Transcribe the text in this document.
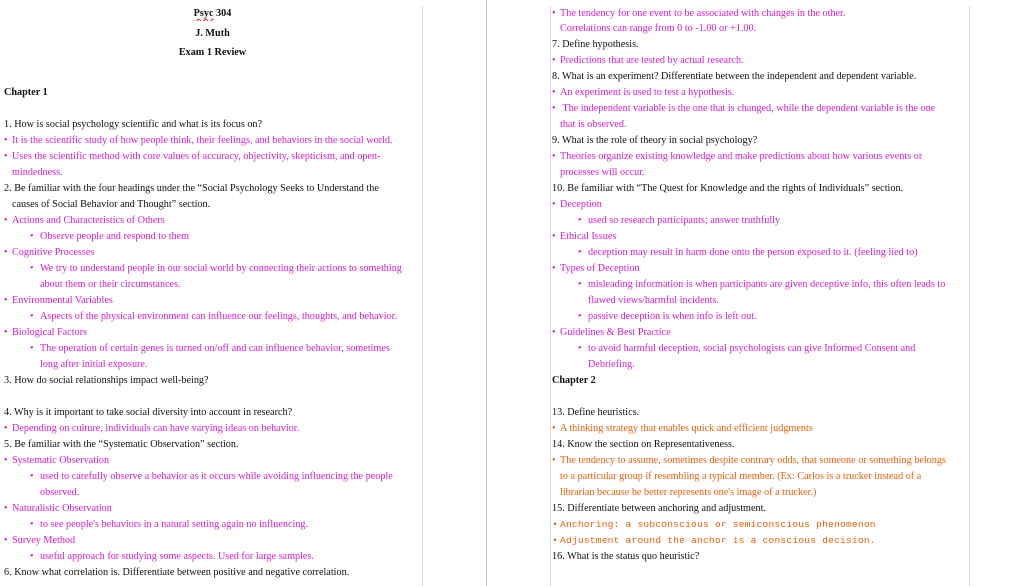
Psyc 304
J. Muth
Exam 1 Review
Chapter 1
1. How is social psychology scientific and what is its focus on?
• It is the scientific study of how people think, their feelings, and behaviors in the social world.
• Uses the scientific method with core values of accuracy, objectivity, skepticism, and open-
mindedness.
2. Be familiar with the four headings under the “Social Psychology Seeks to Understand the
causes of Social Behavior and Thought” section.
• Actions and Characteristics of Others
• Observe people and respond to them
• Cognitive Processes
• We try to understand people in our social world by connecting their actions to something
about them or their circumstances.
• Environmental Variables
• Aspects of the physical environment can influence our feelings, thoughts, and behavior.
• Biological Factors
• The operation of certain genes is turned on/off and can influence behavior, sometimes
long after initial exposure.
3. How do social relationships impact well-being?
4. Why is it important to take social diversity into account in research?
• Depending on culture, individuals can have varying ideas on behavior.
5. Be familiar with the “Systematic Observation” section.
• Systematic Observation
• used to carefully observe a behavior as it occurs while avoiding influencing the people
observed.
• Naturalistic Observation
• to see people's behaviors in a natural setting again no influencing.
• Survey Method
• useful approach for studying some aspects. Used for large samples.
6. Know what correlation is. Differentiate between positive and negative correlation.
• The tendency for one event to be associated with changes in the other.
Correlations can range from 0 to -1.00 or +1.00.
7. Define hypothesis.
• Predictions that are tested by actual research.
8. What is an experiment? Differentiate between the independent and dependent variable.
• An experiment is used to test a hypothesis.
• The independent variable is the one that is changed, while the dependent variable is the one
that is observed.
9. What is the role of theory in social psychology?
• Theories organize existing knowledge and make predictions about how various events or
processes will occur.
10. Be familiar with “The Quest for Knowledge and the rights of Individuals” section.
• Deception
• used so research participants; answer truthfully
• Ethical Issues
• deception may result in harm done onto the person exposed to it. (feeling lied to)
• Types of Deception
• misleading information is when participants are given deceptive info, this often leads to
flawed views/harmful incidents.
• passive deception is when info is left out.
• Guidelines & Best Practice
• to avoid harmful deception, social psychologists can give Informed Consent and
Debriefing.
Chapter 2
13. Define heuristics.
• A thinking strategy that enables quick and efficient judgments
14. Know the section on Representativeness.
• The tendency to assume, sometimes despite contrary odds, that someone or something belongs
to a particular group if resembling a typical member. (Ex: Carlos is a trucker instead of a
librarian because he better represents one's image of a trucker.)
15. Differentiate between anchoring and adjustment.
• Anchoring: a subconscious or semiconscious phenomenon
• Adjustment around the anchor is a conscious decision.
16. What is the status quo heuristic?
